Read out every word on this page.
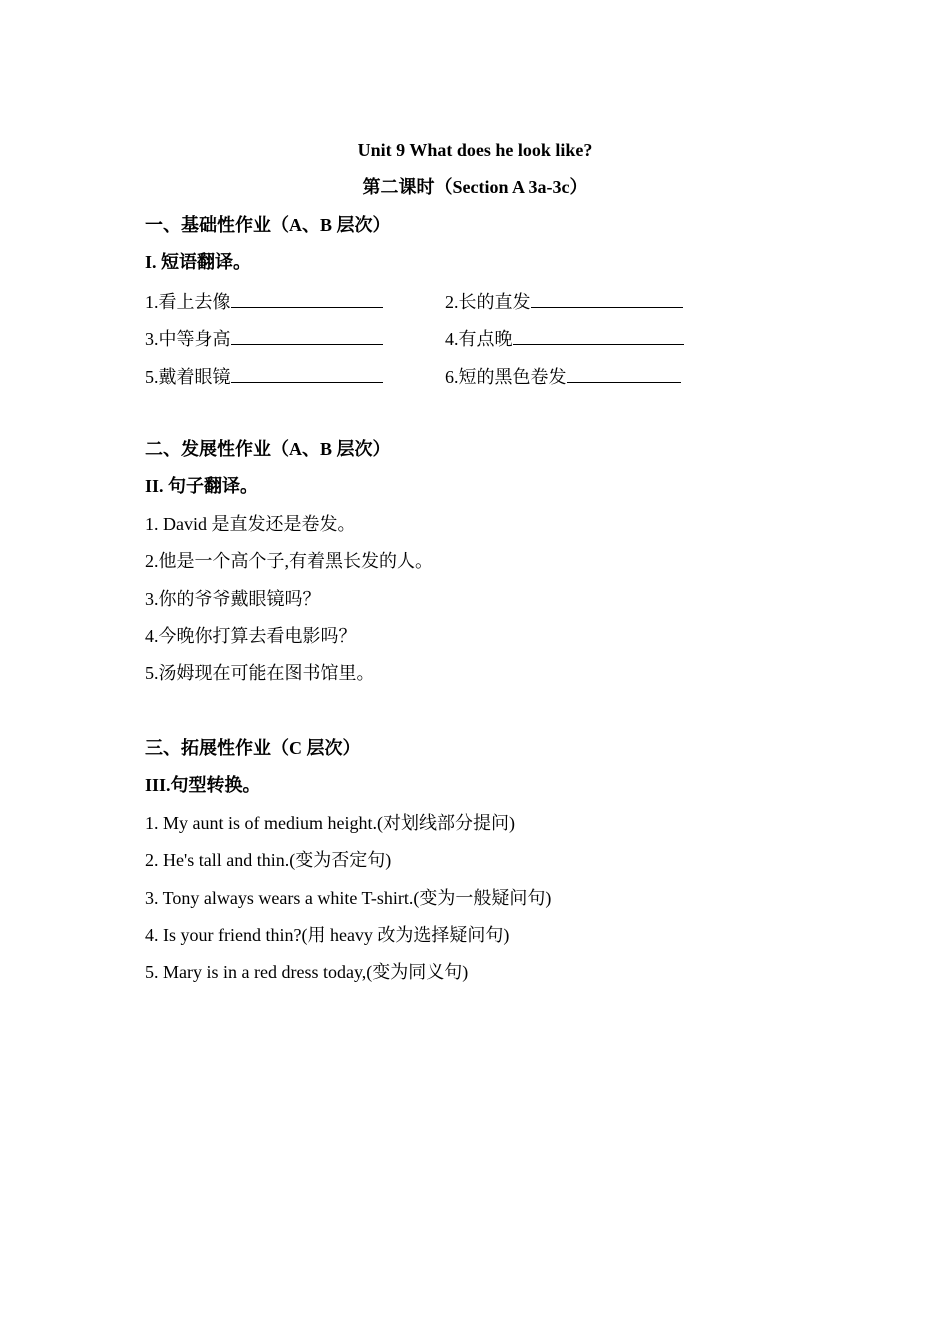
Unit 9 What does he look like?
第二课时（Section A 3a-3c）
一、基础性作业（A、B 层次）
I. 短语翻译。
1.看上去像	2.长的直发
3.中等身高	4.有点晚
5.戴着眼镜	6.短的黑色卷发
二、发展性作业（A、B 层次）
II. 句子翻译。
1. David 是直发还是卷发。
2.他是一个高个子,有着黑长发的人。
3.你的爷爷戴眼镜吗？
4.今晚你打算去看电影吗？
5.汤姆现在可能在图书馆里。
三、拓展性作业（C 层次）
III.句型转换。
1. My aunt is of medium height.(对划线部分提问)
2. He's tall and thin.(变为否定句)
3. Tony always wears a white T-shirt.(变为一般疑问句)
4. Is your friend thin?(用 heavy 改为选择疑问句)
5. Mary is in a red dress today,(变为同义句)
